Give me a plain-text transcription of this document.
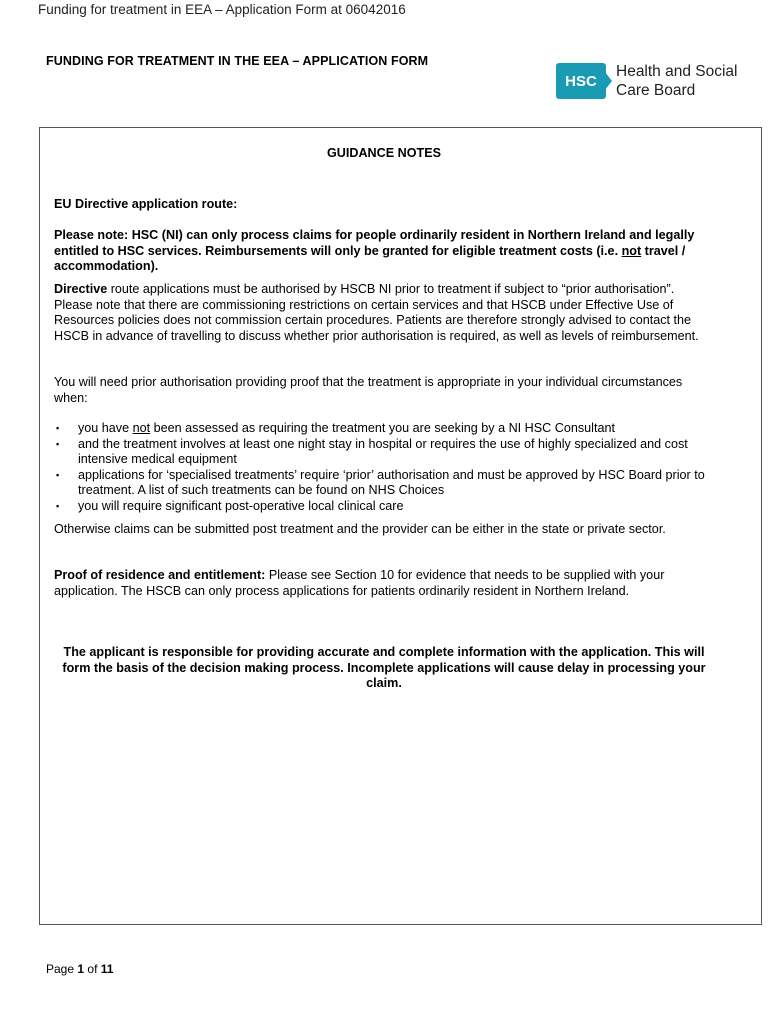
Funding for treatment in EEA – Application Form at 06042016
FUNDING FOR TREATMENT IN THE EEA – APPLICATION FORM
HSC
Health and Social
Care Board
GUIDANCE NOTES
EU Directive application route:

Please note: HSC (NI) can only process claims for people ordinarily resident in Northern Ireland and legally entitled to HSC services. Reimbursements will only be granted for eligible treatment costs (i.e. not travel / accommodation).

Directive route applications must be authorised by HSCB NI prior to treatment if subject to “prior authorisation”. Please note that there are commissioning restrictions on certain services and that HSCB under Effective Use of Resources policies does not commission certain procedures. Patients are therefore strongly advised to contact the HSCB in advance of travelling to discuss whether prior authorisation is required, as well as levels of reimbursement.

You will need prior authorisation providing proof that the treatment is appropriate in your individual circumstances when:

▪ you have not been assessed as requiring the treatment you are seeking by a NI HSC Consultant
▪ and the treatment involves at least one night stay in hospital or requires the use of highly specialized and cost intensive medical equipment
▪ applications for ‘specialised treatments’ require ‘prior’ authorisation and must be approved by HSC Board prior to treatment. A list of such treatments can be found on NHS Choices
▪ you will require significant post-operative local clinical care

Otherwise claims can be submitted post treatment and the provider can be either in the state or private sector.

Proof of residence and entitlement: Please see Section 10 for evidence that needs to be supplied with your application. The HSCB can only process applications for patients ordinarily resident in Northern Ireland.

The applicant is responsible for providing accurate and complete information with the application. This will form the basis of the decision making process. Incomplete applications will cause delay in processing your claim.

Page 1 of 11
